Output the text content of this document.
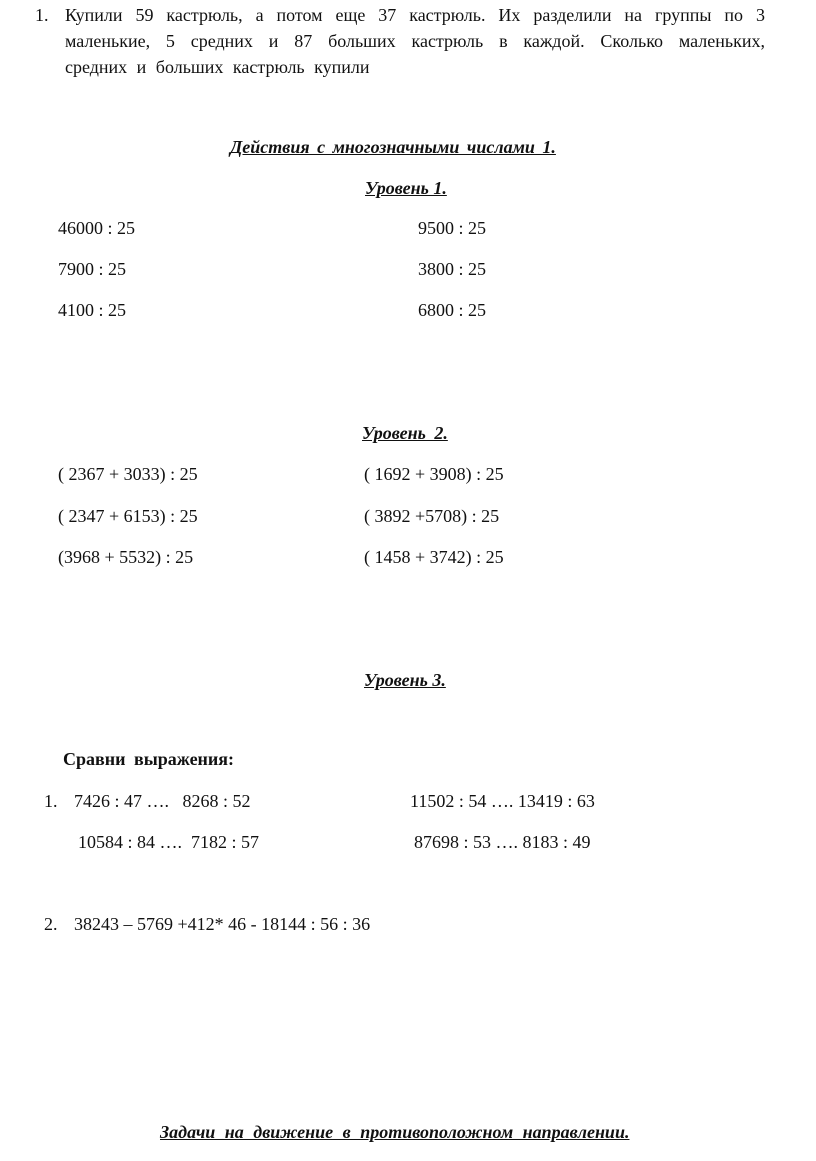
1. Купили 59 кастрюль, а потом еще 37 кастрюль. Их разделили на группы по 3 маленькие, 5 средних и 87 больших кастрюль в каждой. Сколько маленьких, средних и больших кастрюль купили
Действия с многозначными числами 1.
Уровень 1.
46000 : 25
7900 : 25
4100 : 25
9500 : 25
3800 : 25
6800 : 25
Уровень 2.
( 2367 + 3033) : 25
( 2347 + 6153) : 25
(3968 + 5532) : 25
( 1692 + 3908) : 25
( 3892 +5708) : 25
( 1458 + 3742) : 25
Уровень 3.
Сравни выражения:
1. 7426 : 47 ….   8268 : 52	11502 : 54 …. 13419 : 63
10584 : 84 ….  7182 : 57	87698 : 53 …. 8183 : 49
2. 38243 – 5769 +412* 46 - 18144 : 56 : 36
Задачи на движение в противоположном направлении.
